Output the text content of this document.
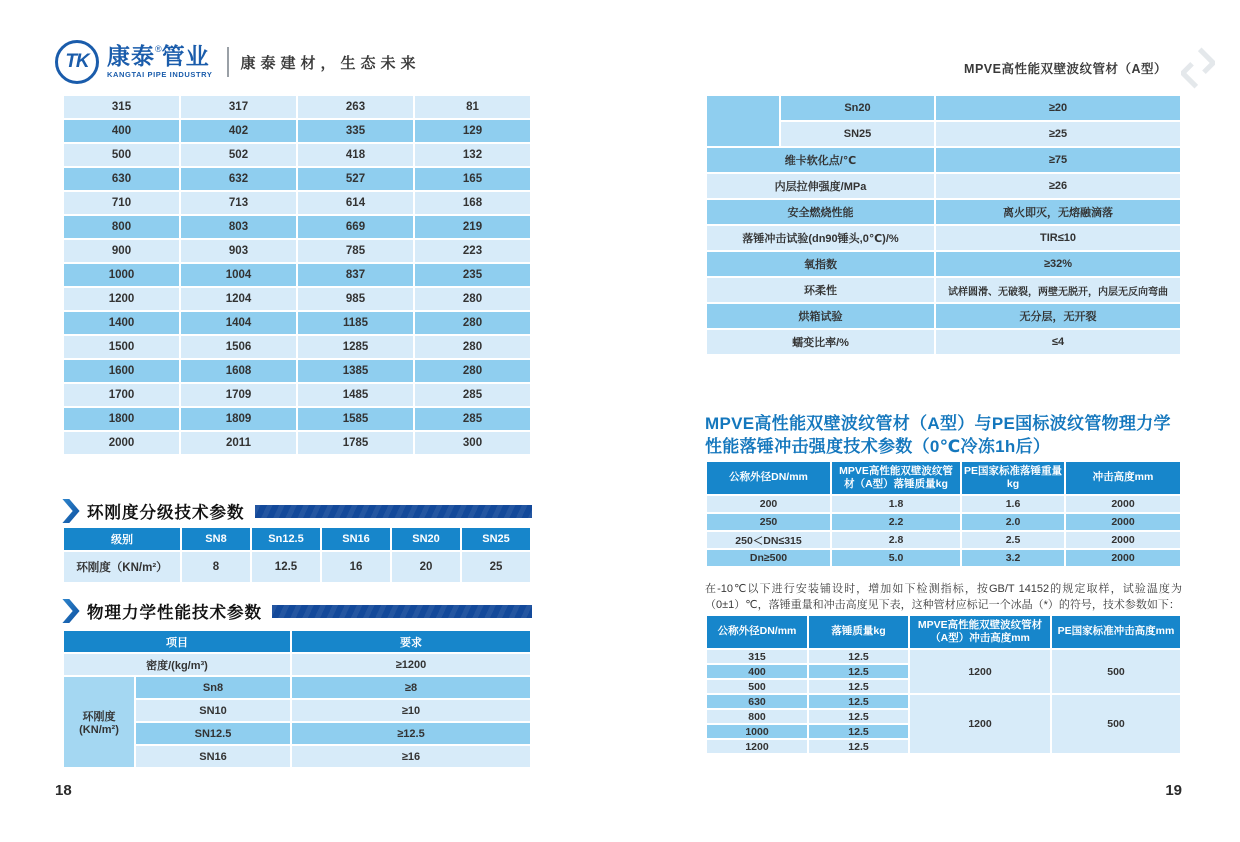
TK 康泰®管业
KANGTAI PIPE INDUSTRY
康泰建材，生态未来	MPVE高性能双壁波纹管材（A型）
315	317	263	81
400	402	335	129
500	502	418	132
630	632	527	165
710	713	614	168
800	803	669	219
900	903	785	223
1000	1004	837	235
1200	1204	985	280
1400	1404	1185	280
1500	1506	1285	280
1600	1608	1385	280
1700	1709	1485	285
1800	1809	1585	285
2000	2011	1785	300
环刚度分级技术参数
级别	SN8	Sn12.5	SN16	SN20	SN25
环刚度（KN/m²）	8	12.5	16	20	25
物理力学性能技术参数
项目		要求
密度/(kg/m³)		≥1200

环刚度
(KN/m²)	Sn8	≥8
	SN10	≥10
	SN12.5	≥12.5
	SN16	≥16
	Sn20	≥20
	SN25	≥25
维卡软化点/℃		≥75
内层拉伸强度/MPa		≥26
安全燃烧性能		离火即灭，无熔融滴落
落锤冲击试验(dn90锤头,0℃)/%		TIR≤10
氧指数		≥32%
环柔性		试样圆滑、无破裂，两壁无脱开，内层无反向弯曲
烘箱试验		无分层，无开裂
蠕变比率/%		≤4
MPVE高性能双壁波纹管材（A型）与PE国标波纹管物理力学
性能落锤冲击强度技术参数（0℃冷冻1h后）
公称外径DN/mm	MPVE高性能双壁波纹管材（A型）落锤质量kg	PE国家标准落锤重量kg	冲击高度mm
200	1.8	1.6	2000
250	2.2	2.0	2000
250＜DN≤315	2.8	2.5	2000
Dn≥500	5.0	3.2	2000
在-10℃以下进行安装铺设时，增加如下检测指标，按GB/T 14152的规定取样，试验温度为（0±1）℃，落锤重量和冲击高度见下表，这种管材应标记一个冰晶（*）的符号，技术参数如下：
公称外径DN/mm	落锤质量kg	MPVE高性能双壁波纹管材（A型）冲击高度mm	PE国家标准冲击高度mm
315	12.5	1200	500
400	12.5		
500	12.5		
630	12.5	1200	500
800	12.5		
1000	12.5		
1200	12.5		
18	19
